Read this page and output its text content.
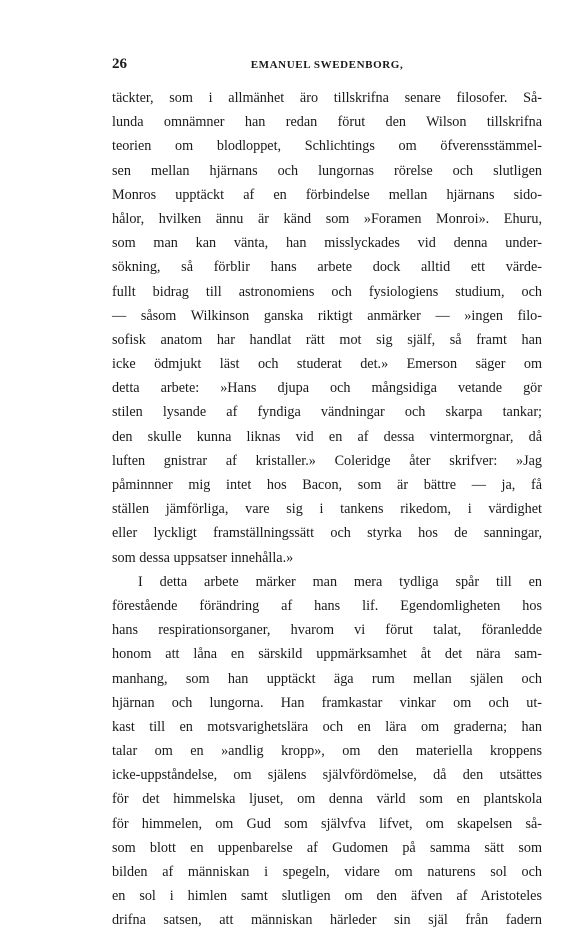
26	EMANUEL SWEDENBORG,
täckter, som i allmänhet äro tillskrifna senare filosofer. Så-
lunda omnämner han redan förut den Wilson tillskrifna
teorien om blodloppet, Schlichtings om öfverensstämmel-
sen mellan hjärnans och lungornas rörelse och slutligen
Monros upptäckt af en förbindelse mellan hjärnans sido-
hålor, hvilken ännu är känd som »Foramen Monroi». Ehuru,
som man kan vänta, han misslyckades vid denna under-
sökning, så förblir hans arbete dock alltid ett värde-
fullt bidrag till astronomiens och fysiologiens studium, och
— såsom Wilkinson ganska riktigt anmärker — »ingen filo-
sofisk anatom har handlat rätt mot sig själf, så framt han
icke ödmjukt läst och studerat det.» Emerson säger om
detta arbete: »Hans djupa och mångsidiga vetande gör
stilen lysande af fyndiga vändningar och skarpa tankar;
den skulle kunna liknas vid en af dessa vintermorgnar, då
luften gnistrar af kristaller.» Coleridge åter skrifver: »Jag
påminnner mig intet hos Bacon, som är bättre — ja, få
ställen jämförliga, vare sig i tankens rikedom, i värdighet
eller lyckligt framställningssätt och styrka hos de sanningar,
som dessa uppsatser innehålla.»
I detta arbete märker man mera tydliga spår till en
förestående förändring af hans lif. Egendomligheten hos
hans respirationsorganer, hvarom vi förut talat, föranledde
honom att låna en särskild uppmärksamhet åt det nära sam-
manhang, som han upptäckt äga rum mellan själen och
hjärnan och lungorna. Han framkastar vinkar om och ut-
kast till en motsvarighetslära och en lära om graderna; han
talar om en »andlig kropp», om den materiella kroppens
icke-uppståndelse, om själens självfördömelse, då den utsättes
för det himmelska ljuset, om denna värld som en plantskola
för himmelen, om Gud som självfva lifvet, om skapelsen så-
som blott en uppenbarelse af Gudomen på samma sätt som
bilden af människan i spegeln, vidare om naturens sol och
en sol i himlen samt slutligen om den äfven af Aristoteles
drifna satsen, att människan härleder sin själ från fadern
